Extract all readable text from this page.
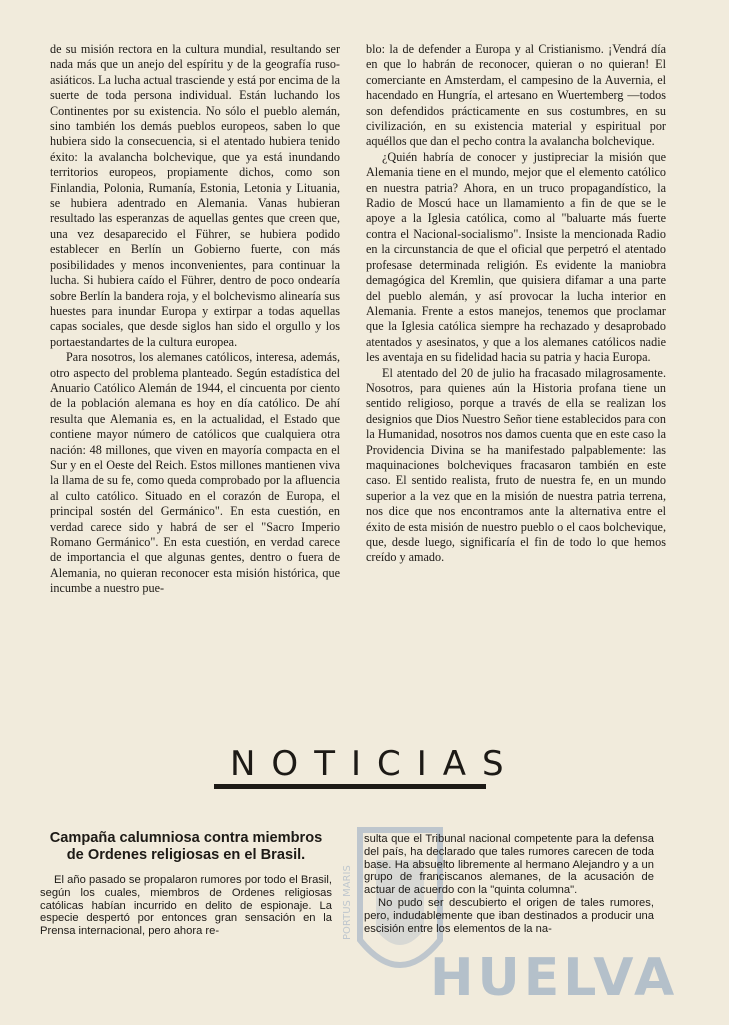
de su misión rectora en la cultura mundial, resultando ser nada más que un anejo del espíritu y de la geografía ruso-asiáticos. La lucha actual trasciende y está por encima de la suerte de toda persona individual. Están luchando los Continentes por su existencia. No sólo el pueblo alemán, sino también los demás pueblos europeos, saben lo que hubiera sido la consecuencia, si el atentado hubiera tenido éxito: la avalancha bolchevique, que ya está inundando territorios europeos, propiamente dichos, como son Finlandia, Polonia, Rumanía, Estonia, Letonia y Lituania, se hubiera adentrado en Alemania. Vanas hubieran resultado las esperanzas de aquellas gentes que creen que, una vez desaparecido el Führer, se hubiera podido establecer en Berlín un Gobierno fuerte, con más posibilidades y menos inconvenientes, para continuar la lucha. Si hubiera caído el Führer, dentro de poco ondearía sobre Berlín la bandera roja, y el bolchevismo alinearía sus huestes para inundar Europa y extirpar a todas aquellas capas sociales, que desde siglos han sido el orgullo y los portaestandartes de la cultura europea.

Para nosotros, los alemanes católicos, interesa, además, otro aspecto del problema planteado. Según estadística del Anuario Católico Alemán de 1944, el cincuenta por ciento de la población alemana es hoy en día católico. De ahí resulta que Alemania es, en la actualidad, el Estado que contiene mayor número de católicos que cualquiera otra nación: 48 millones, que viven en mayoría compacta en el Sur y en el Oeste del Reich. Estos millones mantienen viva la llama de su fe, como queda comprobado por la afluencia al culto católico. Situado en el corazón de Europa, el principal sostén del Germánico". En esta cuestión, en verdad carece sido y habrá de ser el "Sacro Imperio Romano Germánico". En esta cuestión, en verdad carece de importancia el que algunas gentes, dentro o fuera de Alemania, no quieran reconocer esta misión histórica, que incumbe a nuestro pue-

blo: la de defender a Europa y al Cristianismo. ¡Vendrá día en que lo habrán de reconocer, quieran o no quieran! El comerciante en Amsterdam, el campesino de la Auvernia, el hacendado en Hungría, el artesano en Wuertemberg —todos son defendidos prácticamente en sus costumbres, en su civilización, en su existencia material y espiritual por aquéllos que dan el pecho contra la avalancha bolchevique.

¿Quién habría de conocer y justipreciar la misión que Alemania tiene en el mundo, mejor que el elemento católico en nuestra patria? Ahora, en un truco propagandístico, la Radio de Moscú hace un llamamiento a fin de que se le apoye a la Iglesia católica, como al "baluarte más fuerte contra el Nacional-socialismo". Insiste la mencionada Radio en la circunstancia de que el oficial que perpetró el atentado profesase determinada religión. Es evidente la maniobra demagógica del Kremlin, que quisiera difamar a una parte del pueblo alemán, y así provocar la lucha interior en Alemania. Frente a estos manejos, tenemos que proclamar que la Iglesia católica siempre ha rechazado y desaprobado atentados y asesinatos, y que a los alemanes católicos nadie les aventaja en su fidelidad hacia su patria y hacia Europa.

El atentado del 20 de julio ha fracasado milagrosamente. Nosotros, para quienes aún la Historia profana tiene un sentido religioso, porque a través de ella se realizan los designios que Dios Nuestro Señor tiene establecidos para con la Humanidad, nosotros nos damos cuenta que en este caso la Providencia Divina se ha manifestado palpablemente: las maquinaciones bolcheviques fracasaron también en este caso. El sentido realista, fruto de nuestra fe, en un mundo superior a la vez que en la misión de nuestra patria terrena, nos dice que nos encontramos ante la alternativa entre el éxito de esta misión de nuestro pueblo o el caos bolchevique, que, desde luego, significaría el fin de todo lo que hemos creído y amado.

NOTICIAS
PORTUS MARIS
HUELVA
Campaña calumniosa contra miembros de Ordenes religiosas en el Brasil.

El año pasado se propalaron rumores por todo el Brasil, según los cuales, miembros de Ordenes religiosas católicas habían incurrido en delito de espionaje. La especie despertó por entonces gran sensación en la Prensa internacional, pero ahora re-

sulta que el Tribunal nacional competente para la defensa del país, ha declarado que tales rumores carecen de toda base. Ha absuelto libremente al hermano Alejandro y a un grupo de franciscanos alemanes, de la acusación de actuar de acuerdo con la "quinta columna".

No pudo ser descubierto el origen de tales rumores, pero, indudablemente que iban destinados a producir una escisión entre los elementos de la na-
